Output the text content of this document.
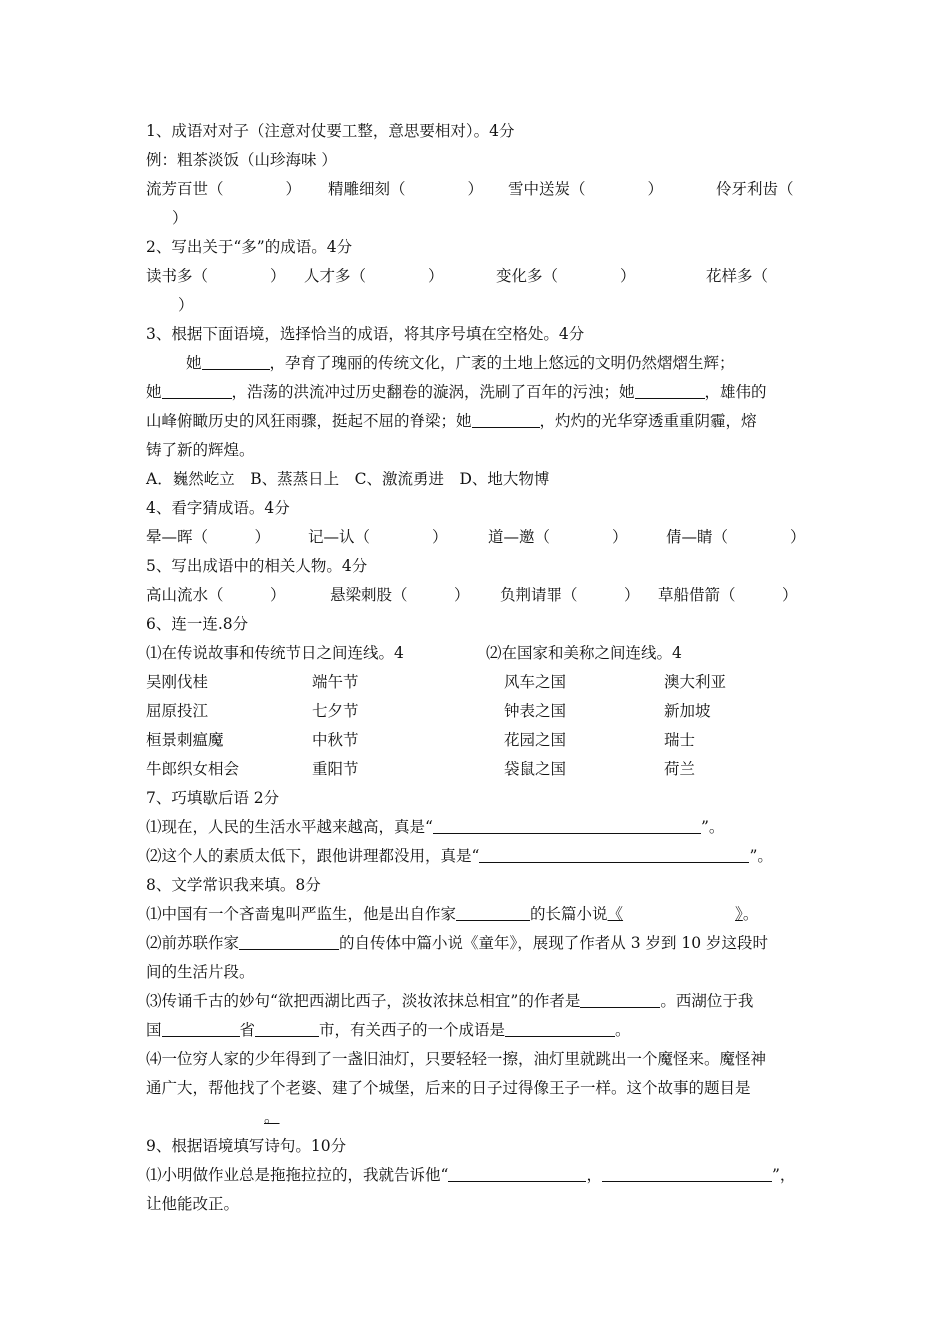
1、成语对对子（注意对仗要工整，意思要相对）。4分
例：粗茶淡饭（山珍海味 ）
流芳百世（　　　　） 精雕细刻（　　　　） 雪中送炭（　　　　）	伶牙利齿（
）
2、写出关于“多”的成语。4分
读书多（　　　　） 人才多（　　　　）	变化多（　　　　）	花样多（
）
3、根据下面语境，选择恰当的成语，将其序号填在空格处。4分
她	，孕育了瑰丽的传统文化，广袤的土地上悠远的文明仍然熠熠生辉；
她	，浩荡的洪流冲过历史翻卷的漩涡，洗刷了百年的污浊；她	，雄伟的
山峰俯瞰历史的风狂雨骤，挺起不屈的脊梁；她	，灼灼的光华穿透重重阴霾，熔
铸了新的辉煌。
A．巍然屹立　B、蒸蒸日上　C、激流勇进　D、地大物博
4、看字猜成语。4分
晕—晖（　　　） 记—认（　　　　）	道—邀（　　　　） 倩—睛（　　　　）
5、写出成语中的相关人物。4分
高山流水（　　　）	悬梁刺股（　　　） 负荆请罪（　　　） 草船借箭（　　　）
6、连一连.8分
⑴在传说故事和传统节日之间连线。4	⑵在国家和美称之间连线。4
吴刚伐桂	端午节	风车之国	澳大利亚
屈原投江	七夕节	钟表之国	新加坡
桓景刺瘟魔	中秋节	花园之国	瑞士
牛郎织女相会	重阳节	袋鼠之国	荷兰
7、巧填歇后语 2分
⑴现在，人民的生活水平越来越高，真是“	”。
⑵这个人的素质太低下，跟他讲理都没用，真是“	”。
8、文学常识我来填。8分
⑴中国有一个吝啬鬼叫严监生，他是出自作家	的长篇小说《	》。
⑵前苏联作家	的自传体中篇小说《童年》，展现了作者从 3 岁到 10 岁这段时
间的生活片段。
⑶传诵千古的妙句“欲把西湖比西子，淡妆浓抹总相宜”的作者是	。西湖位于我
国	省	市，有关西子的一个成语是	。
⑷一位穷人家的少年得到了一盏旧油灯，只要轻轻一擦，油灯里就跳出一个魔怪来。魔怪神
通广大，帮他找了个老婆、建了个城堡，后来的日子过得像王子一样。这个故事的题目是
。
9、根据语境填写诗句。10分
⑴小明做作业总是拖拖拉拉的，我就告诉他“	，	”，
让他能改正。
